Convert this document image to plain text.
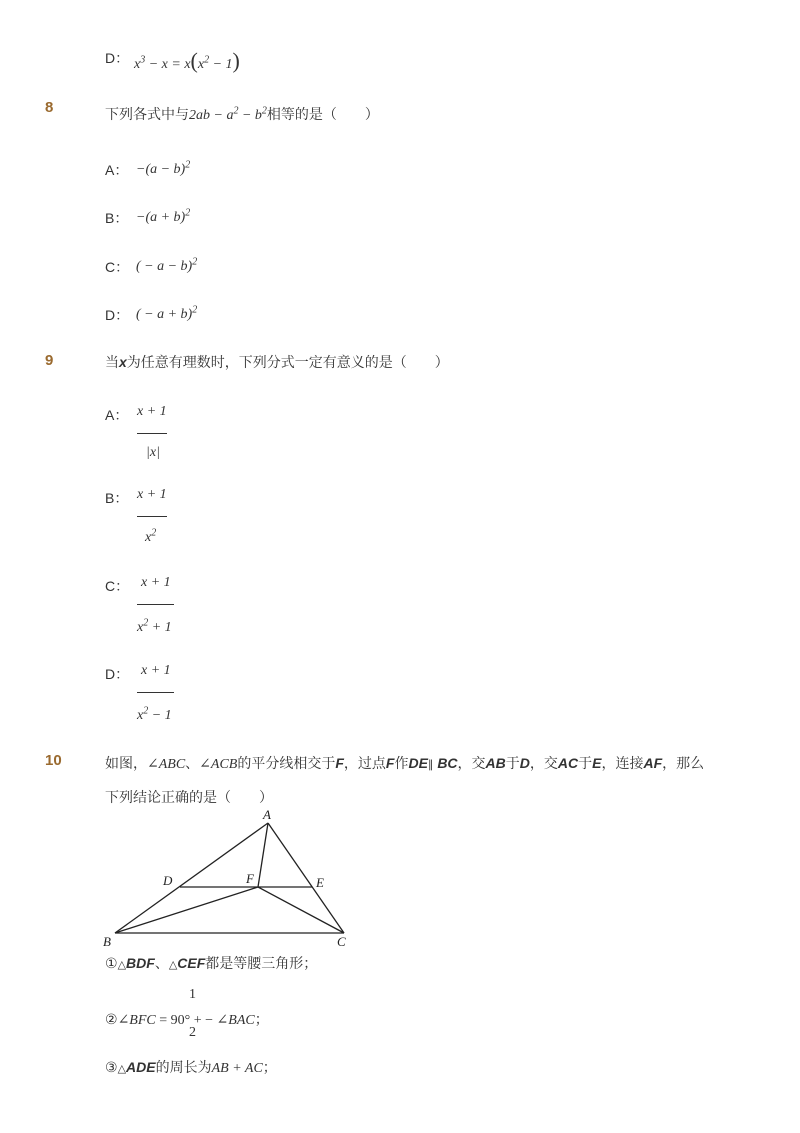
D： $x^3 - x = x(x^2 - 1)$
8	下列各式中与$2ab - a^2 - b^2$相等的是（　　）
A： $-(a - b)^2$
B： $-(a + b)^2$
C： ( − a − b)$^2$
D： ( − a + b)$^2$
9	当x为任意有理数时，下列分式一定有意义的是（　　）
A： x + 1
|x|
B： x + 1
$x^2$
C： x + 1
$x^2 + 1$
D： x + 1
$x^2 - 1$
10	如图，∠ABC、∠ACB的平分线相交于F，过点F作DE∥ BC，交AB于D，交AC于E，连接AF，那么
下列结论正确的是（　　）
A
B	C
D	E
F
①△BDF、△CEF都是等腰三角形；
1
②∠BFC = 90° + − ∠BAC；
2
③△ADE的周长为AB + AC；
